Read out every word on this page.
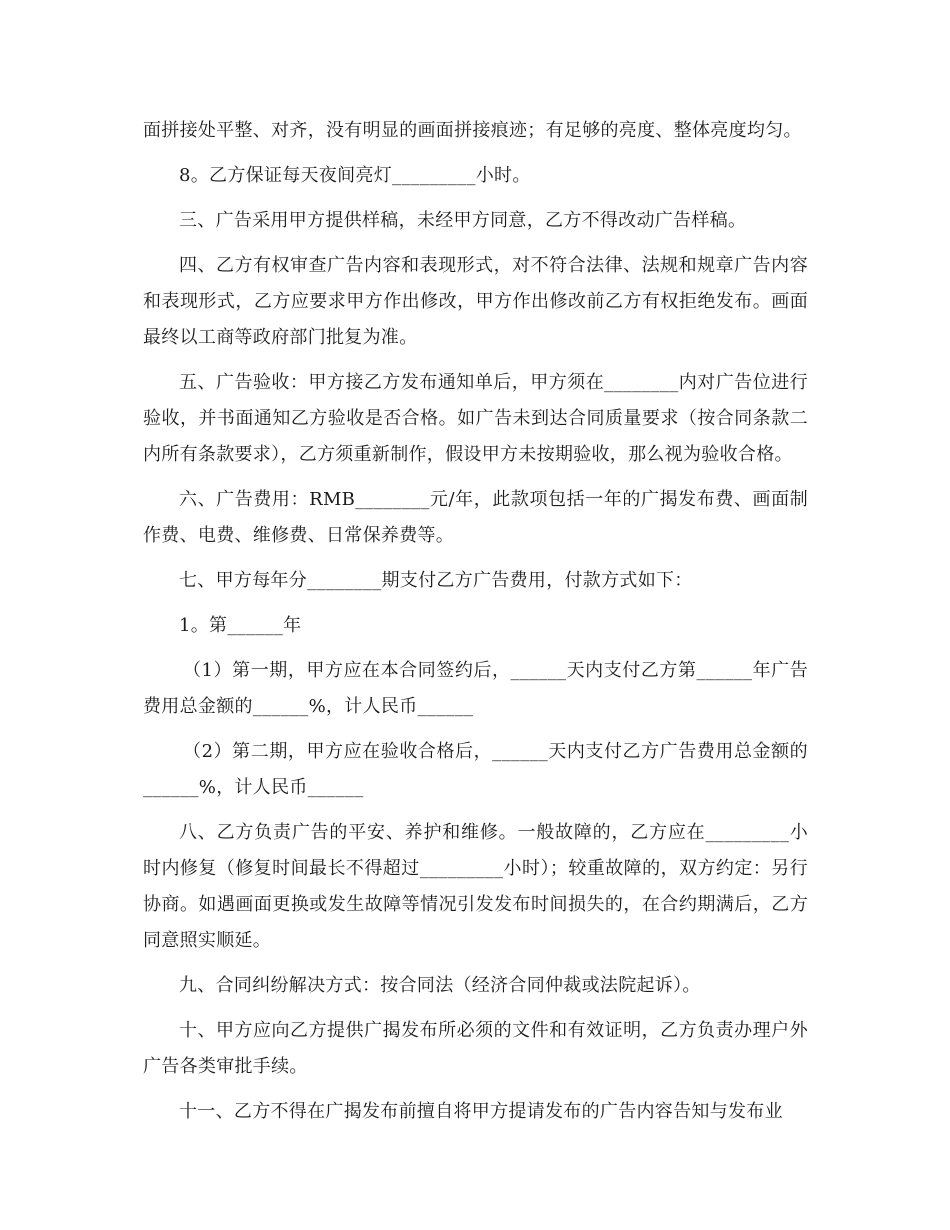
面拼接处平整、对齐，没有明显的画面拼接痕迹；有足够的亮度、整体亮度均匀。

8。乙方保证每天夜间亮灯_________小时。

三、广告采用甲方提供样稿，未经甲方同意，乙方不得改动广告样稿。

四、乙方有权审查广告内容和表现形式，对不符合法律、法规和规章广告内容和表现形式，乙方应要求甲方作出修改，甲方作出修改前乙方有权拒绝发布。画面最终以工商等政府部门批复为准。

五、广告验收：甲方接乙方发布通知单后，甲方须在________内对广告位进行验收，并书面通知乙方验收是否合格。如广告未到达合同质量要求（按合同条款二内所有条款要求），乙方须重新制作，假设甲方未按期验收，那么视为验收合格。

六、广告费用：RMB________元/年，此款项包括一年的广揭发布费、画面制作费、电费、维修费、日常保养费等。

七、甲方每年分________期支付乙方广告费用，付款方式如下：

1。第______年

（1）第一期，甲方应在本合同签约后，______天内支付乙方第______年广告费用总金额的______%，计人民币______

（2）第二期，甲方应在验收合格后，______天内支付乙方广告费用总金额的______%，计人民币______

八、乙方负责广告的平安、养护和维修。一般故障的，乙方应在_________小时内修复（修复时间最长不得超过_________小时）；较重故障的，双方约定：另行协商。如遇画面更换或发生故障等情况引发发布时间损失的，在合约期满后，乙方同意照实顺延。

九、合同纠纷解决方式：按合同法（经济合同仲裁或法院起诉）。

十、甲方应向乙方提供广揭发布所必须的文件和有效证明，乙方负责办理户外广告各类审批手续。

十一、乙方不得在广揭发布前擅自将甲方提请发布的广告内容告知与发布业
